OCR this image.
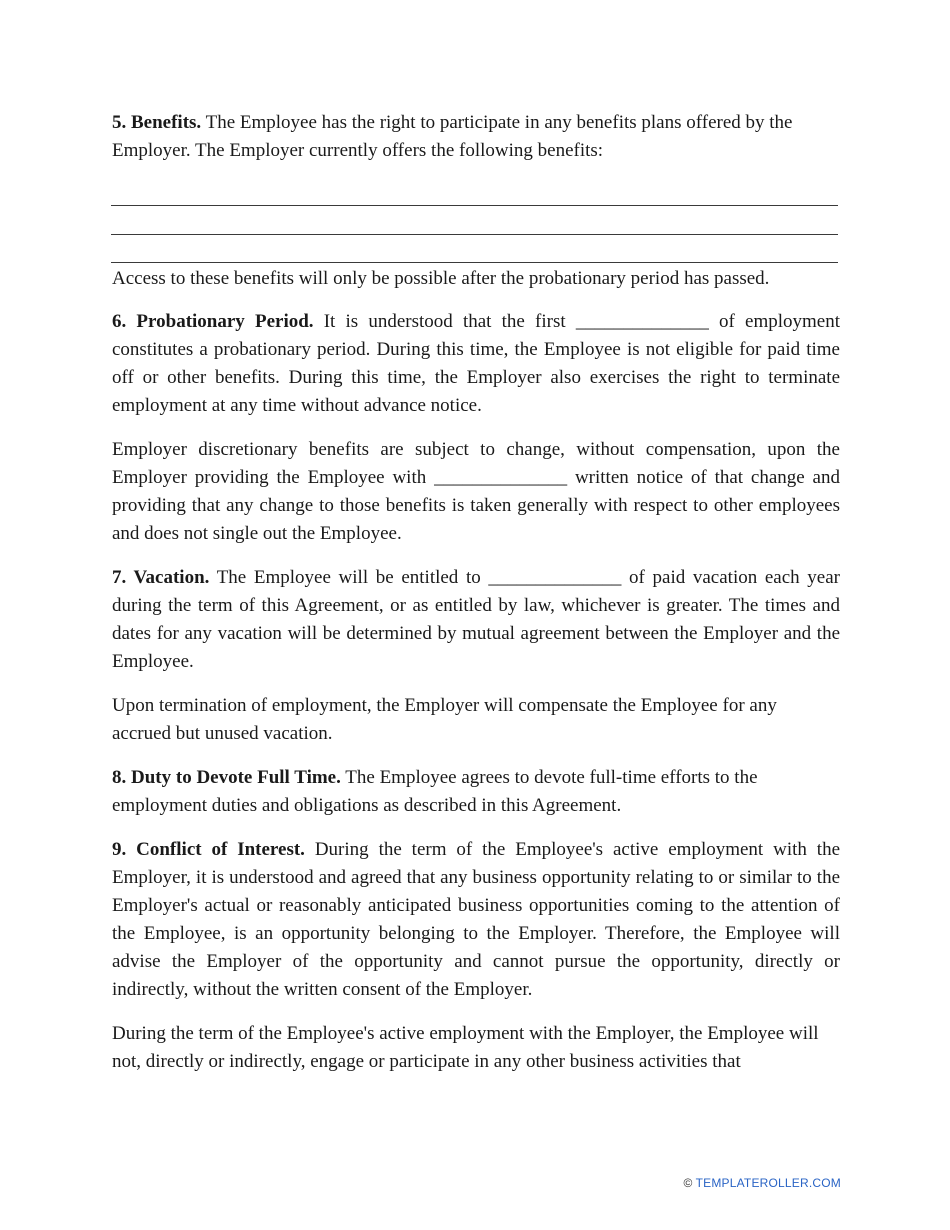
5. Benefits. The Employee has the right to participate in any benefits plans offered by the Employer. The Employer currently offers the following benefits:

Access to these benefits will only be possible after the probationary period has passed.

6. Probationary Period. It is understood that the first ______________ of employment constitutes a probationary period. During this time, the Employee is not eligible for paid time off or other benefits. During this time, the Employer also exercises the right to terminate employment at any time without advance notice.

Employer discretionary benefits are subject to change, without compensation, upon the Employer providing the Employee with ______________ written notice of that change and providing that any change to those benefits is taken generally with respect to other employees and does not single out the Employee.

7. Vacation. The Employee will be entitled to ______________ of paid vacation each year during the term of this Agreement, or as entitled by law, whichever is greater. The times and dates for any vacation will be determined by mutual agreement between the Employer and the Employee.

Upon termination of employment, the Employer will compensate the Employee for any accrued but unused vacation.

8. Duty to Devote Full Time. The Employee agrees to devote full-time efforts to the employment duties and obligations as described in this Agreement.

9. Conflict of Interest. During the term of the Employee's active employment with the Employer, it is understood and agreed that any business opportunity relating to or similar to the Employer's actual or reasonably anticipated business opportunities coming to the attention of the Employee, is an opportunity belonging to the Employer. Therefore, the Employee will advise the Employer of the opportunity and cannot pursue the opportunity, directly or indirectly, without the written consent of the Employer.

During the term of the Employee's active employment with the Employer, the Employee will not, directly or indirectly, engage or participate in any other business activities that

© TEMPLATEROLLER.COM
